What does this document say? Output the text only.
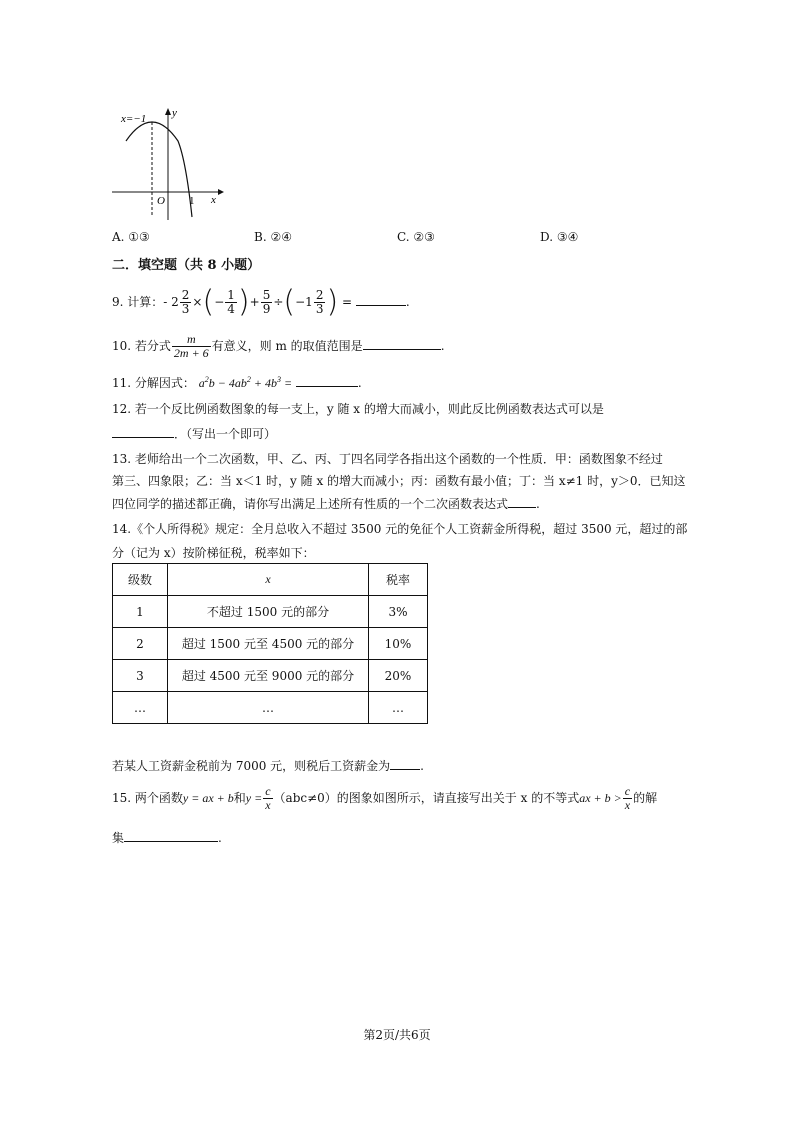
x=−1 y
x
O 1
A. ①③	B. ②④	C. ②③	D. ③④
二．填空题（共 8 小题）
9. 计算：- $2 \frac{2}{3}$ ×(− $\frac{1}{4}$ )+ $\frac{5}{9} \div(-1 \frac{2}{3}$ ) =	.
10. 若分式 $\frac{m}{2m + 6}$ 有意义，则 m 的取值范围是	.
11. 分解因式： $a^2b - 4ab^2 + 4b^3$ =	.
12. 若一个反比例函数图象的每一支上，y 随 x 的增大而减小，则此反比例函数表达式可以是
．（写出一个即可）
13. 老师给出一个二次函数，甲、乙、丙、丁四名同学各指出这个函数的一个性质．甲：函数图象不经过
第三、四象限；乙：当 x＜1 时，y 随 x 的增大而减小；丙：函数有最小值；丁：当 x≠1 时，y＞0．已知这
四位同学的描述都正确，请你写出满足上述所有性质的一个二次函数表达式 .
14.《个人所得税》规定：全月总收入不超过 3500 元的免征个人工资薪金所得税，超过 3500 元，超过的部
分（记为 x）按阶梯征税，税率如下：
级数	x	税率
1	不超过 1500 元的部分	3%
2	超过 1500 元至 4500 元的部分	10%
3	超过 4500 元至 9000 元的部分	20%
…	…	…
若某人工资薪金税前为 7000 元，则税后工资薪金为	.
15. 两个函数y = ax + b和$y = \frac{c}{x} (abc\ne 0)$的图象如图所示，请直接写出关于 x 的不等式ax + $b > \frac{c}{x}$ 的解
集	.
第2页/共6页
